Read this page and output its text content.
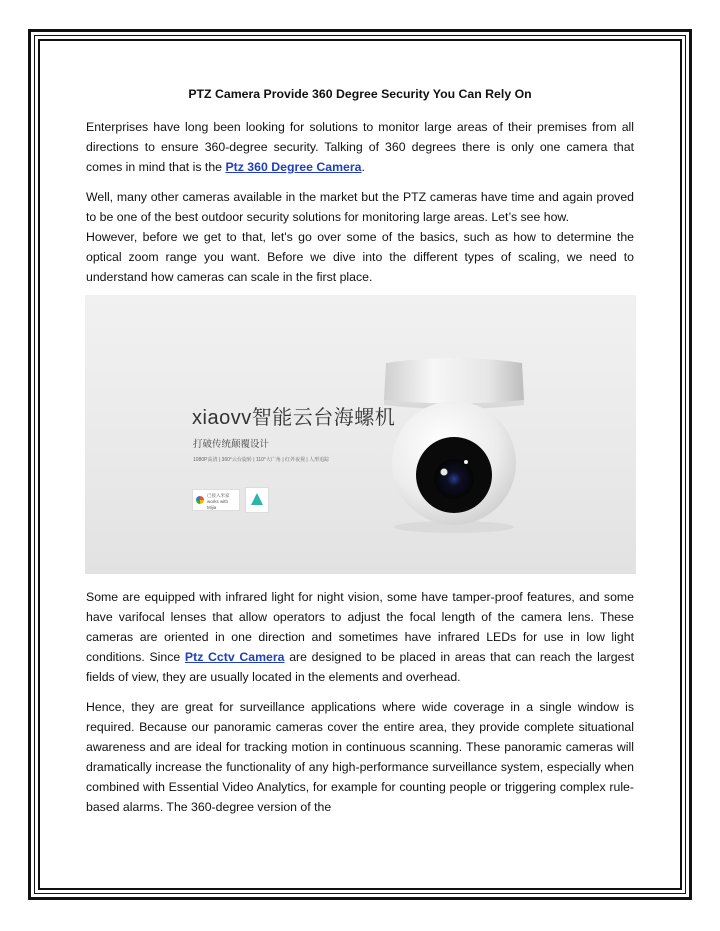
PTZ Camera Provide 360 Degree Security You Can Rely On

Enterprises have long been looking for solutions to monitor large areas of their premises from all directions to ensure 360-degree security. Talking of 360 degrees there is only one camera that comes in mind that is the Ptz 360 Degree Camera.

Well, many other cameras available in the market but the PTZ cameras have time and again proved to be one of the best outdoor security solutions for monitoring large areas. Let’s see how.

However, before we get to that, let's go over some of the basics, such as how to determine the optical zoom range you want. Before we dive into the different types of scaling, we need to understand how cameras can scale in the first place.

xiaovv智能云台海螺机
打破传统颠覆设计
1080P高清 | 360°云台旋转 | 110°大广角 | 红外夜视 | 人形追踪
已接入米家 works with Mijia

Some are equipped with infrared light for night vision, some have tamper-proof features, and some have varifocal lenses that allow operators to adjust the focal length of the camera lens. These cameras are oriented in one direction and sometimes have infrared LEDs for use in low light conditions. Since Ptz Cctv Camera are designed to be placed in areas that can reach the largest fields of view, they are usually located in the elements and overhead.

Hence, they are great for surveillance applications where wide coverage in a single window is required. Because our panoramic cameras cover the entire area, they provide complete situational awareness and are ideal for tracking motion in continuous scanning. These panoramic cameras will dramatically increase the functionality of any high-performance surveillance system, especially when combined with Essential Video Analytics, for example for counting people or triggering complex rule-based alarms. The 360-degree version of the
